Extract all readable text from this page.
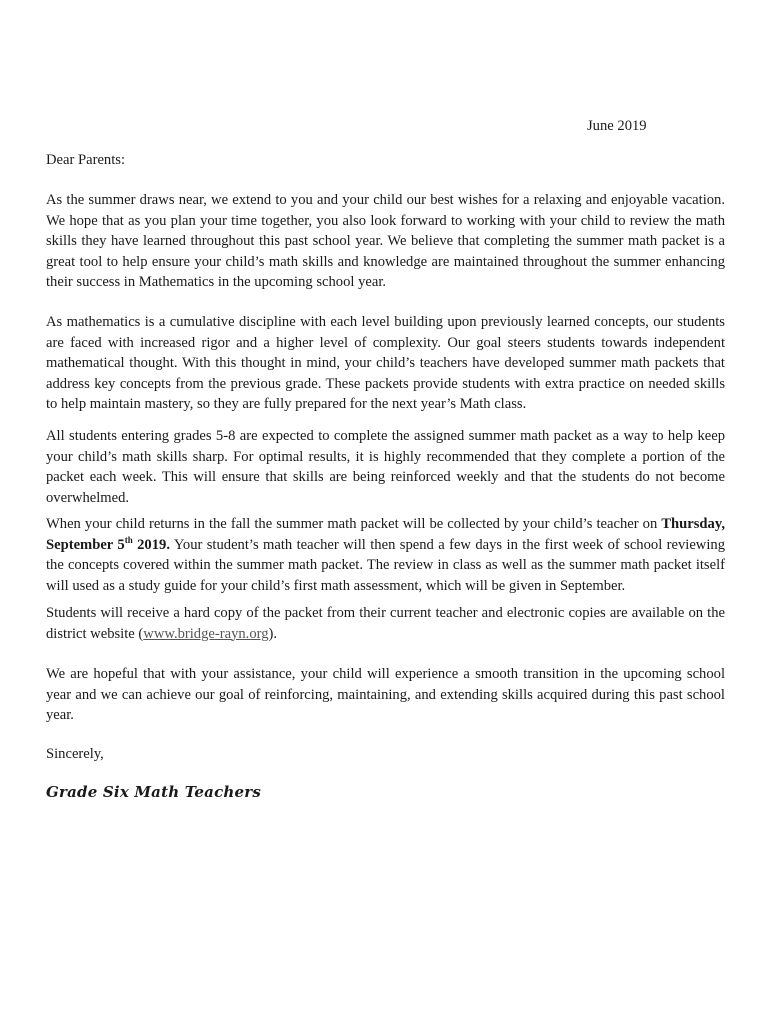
June 2019

Dear Parents:

As the summer draws near, we extend to you and your child our best wishes for a relaxing and enjoyable vacation. We hope that as you plan your time together, you also look forward to working with your child to review the math skills they have learned throughout this past school year. We believe that completing the summer math packet is a great tool to help ensure your child’s math skills and knowledge are maintained throughout the summer enhancing their success in Mathematics in the upcoming school year.

As mathematics is a cumulative discipline with each level building upon previously learned concepts, our students are faced with increased rigor and a higher level of complexity. Our goal steers students towards independent mathematical thought. With this thought in mind, your child’s teachers have developed summer math packets that address key concepts from the previous grade. These packets provide students with extra practice on needed skills to help maintain mastery, so they are fully prepared for the next year’s Math class.

All students entering grades 5-8 are expected to complete the assigned summer math packet as a way to help keep your child’s math skills sharp. For optimal results, it is highly recommended that they complete a portion of the packet each week. This will ensure that skills are being reinforced weekly and that the students do not become overwhelmed.

When your child returns in the fall the summer math packet will be collected by your child’s teacher on Thursday, September 5th 2019. Your student’s math teacher will then spend a few days in the first week of school reviewing the concepts covered within the summer math packet. The review in class as well as the summer math packet itself will used as a study guide for your child’s first math assessment, which will be given in September.

Students will receive a hard copy of the packet from their current teacher and electronic copies are available on the district website (www.bridge-rayn.org).

We are hopeful that with your assistance, your child will experience a smooth transition in the upcoming school year and we can achieve our goal of reinforcing, maintaining, and extending skills acquired during this past school year.

Sincerely,

Grade Six Math Teachers
